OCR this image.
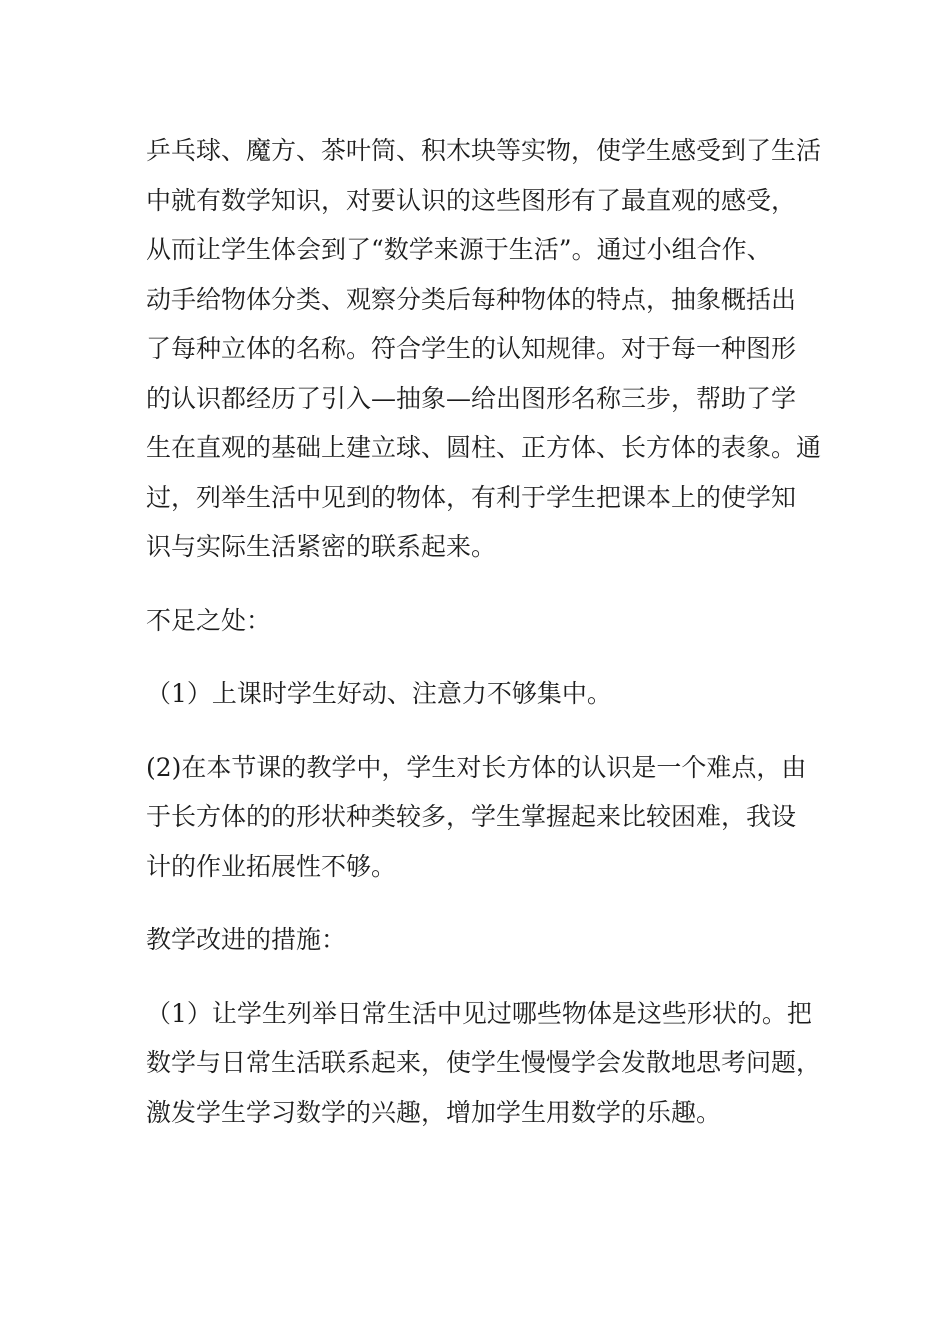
乒乓球、魔方、茶叶筒、积木块等实物，使学生感受到了生活
中就有数学知识，对要认识的这些图形有了最直观的感受，
从而让学生体会到了“数学来源于生活”。通过小组合作、
动手给物体分类、观察分类后每种物体的特点，抽象概括出
了每种立体的名称。符合学生的认知规律。对于每一种图形
的认识都经历了引入—抽象—给出图形名称三步，帮助了学
生在直观的基础上建立球、圆柱、正方体、长方体的表象。通
过，列举生活中见到的物体，有利于学生把课本上的使学知
识与实际生活紧密的联系起来。
不足之处：
（1）上课时学生好动、注意力不够集中。
(2)在本节课的教学中，学生对长方体的认识是一个难点，由
于长方体的的形状种类较多，学生掌握起来比较困难，我设
计的作业拓展性不够。
教学改进的措施：
（1）让学生列举日常生活中见过哪些物体是这些形状的。把
数学与日常生活联系起来，使学生慢慢学会发散地思考问题，
激发学生学习数学的兴趣，增加学生用数学的乐趣。
